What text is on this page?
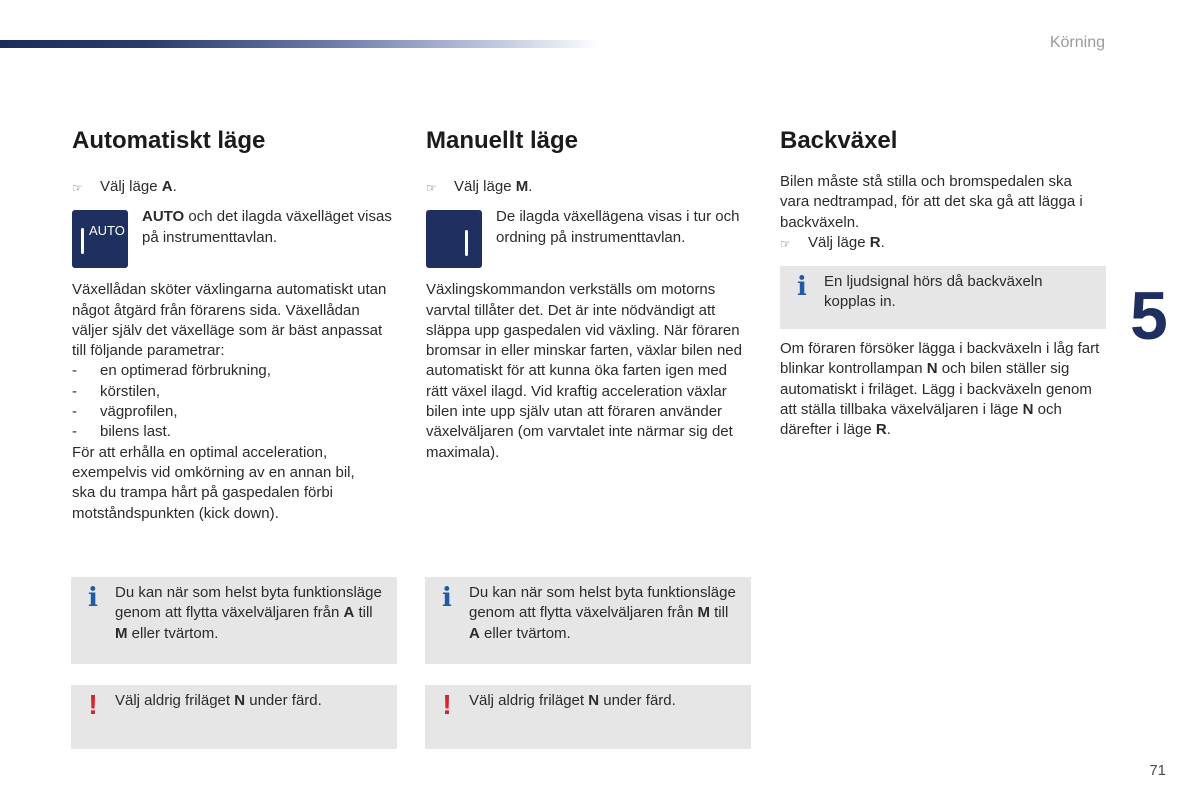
Körning
5
71
Automatiskt läge
☞	Välj läge A.
AUTO
AUTO och det ilagda växelläget visas på instrumenttavlan.
Växellådan sköter växlingarna automatiskt utan något åtgärd från förarens sida. Växellådan väljer själv det växelläge som är bäst anpassat till följande parametrar:
-	en optimerad förbrukning,
-	körstilen,
-	vägprofilen,
-	bilens last.
För att erhålla en optimal acceleration, exempelvis vid omkörning av en annan bil, ska du trampa hårt på gaspedalen förbi motståndspunkten (kick down).
i	Du kan när som helst byta funktionsläge genom att flytta växelväljaren från A till M eller tvärtom.
!	Välj aldrig friläget N under färd.
Manuellt läge
☞	Välj läge M.
De ilagda växellägena visas i tur och ordning på instrumenttavlan.
Växlingskommandon verkställs om motorns varvtal tillåter det. Det är inte nödvändigt att släppa upp gaspedalen vid växling. När föraren bromsar in eller minskar farten, växlar bilen ned automatiskt för att kunna öka farten igen med rätt växel ilagd. Vid kraftig acceleration växlar bilen inte upp själv utan att föraren använder växelväljaren (om varvtalet inte närmar sig det maximala).
i	Du kan när som helst byta funktionsläge genom att flytta växelväljaren från M till A eller tvärtom.
!	Välj aldrig friläget N under färd.
Backväxel
Bilen måste stå stilla och bromspedalen ska vara nedtrampad, för att det ska gå att lägga i backväxeln.
☞	Välj läge R.
i	En ljudsignal hörs då backväxeln kopplas in.
Om föraren försöker lägga i backväxeln i låg fart blinkar kontrollampan N och bilen ställer sig automatiskt i friläget. Lägg i backväxeln genom att ställa tillbaka växelväljaren i läge N och därefter i läge R.
